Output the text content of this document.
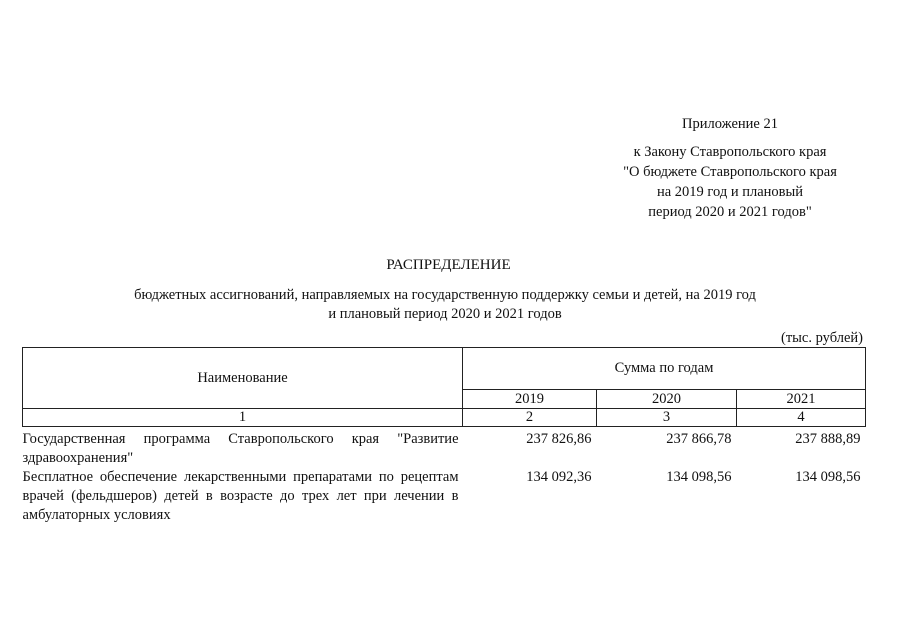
Приложение 21
к Закону Ставропольского края
"О бюджете Ставропольского края
на 2019 год и плановый
период 2020 и 2021 годов"
РАСПРЕДЕЛЕНИЕ
бюджетных ассигнований, направляемых на государственную поддержку семьи и детей, на 2019 год
и плановый период 2020 и 2021 годов
(тыс. рублей)
Наименование	Сумма по годам		
	2019	2020	2021
1	2	3	4
Государственная программа Ставропольского края "Развитие здравоохранения"	237 826,86	237 866,78	237 888,89
Бесплатное обеспечение лекарственными препаратами по рецептам врачей (фельдшеров) детей в возрасте до трех лет при лечении в амбулаторных условиях	134 092,36	134 098,56	134 098,56
